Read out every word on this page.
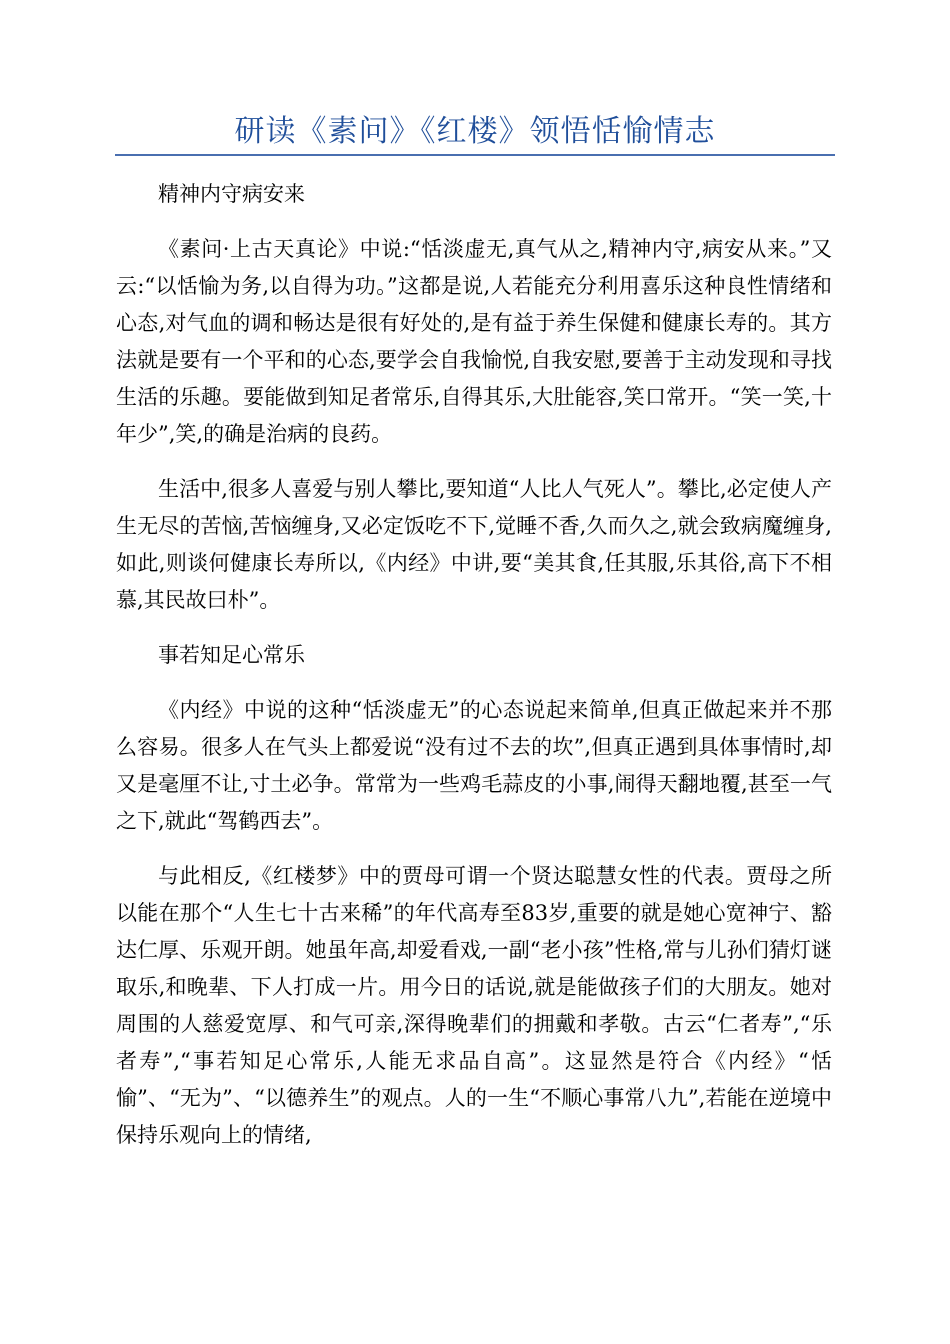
研读《素问》《红楼》领悟恬愉情志

精神内守病安来

《素问·上古天真论》中说:“恬淡虚无,真气从之,精神内守,病安从来。”又云:“以恬愉为务,以自得为功。”这都是说,人若能充分利用喜乐这种良性情绪和心态,对气血的调和畅达是很有好处的,是有益于养生保健和健康长寿的。其方法就是要有一个平和的心态,要学会自我愉悦,自我安慰,要善于主动发现和寻找生活的乐趣。要能做到知足者常乐,自得其乐,大肚能容,笑口常开。“笑一笑,十年少”,笑,的确是治病的良药。

生活中,很多人喜爱与别人攀比,要知道“人比人气死人”。攀比,必定使人产生无尽的苦恼,苦恼缠身,又必定饭吃不下,觉睡不香,久而久之,就会致病魔缠身,如此,则谈何健康长寿所以,《内经》中讲,要“美其食,任其服,乐其俗,高下不相慕,其民故曰朴”。

事若知足心常乐

《内经》中说的这种“恬淡虚无”的心态说起来简单,但真正做起来并不那么容易。很多人在气头上都爱说“没有过不去的坎”,但真正遇到具体事情时,却又是毫厘不让,寸土必争。常常为一些鸡毛蒜皮的小事,闹得天翻地覆,甚至一气之下,就此“驾鹤西去”。

与此相反,《红楼梦》中的贾母可谓一个贤达聪慧女性的代表。贾母之所以能在那个“人生七十古来稀”的年代高寿至83岁,重要的就是她心宽神宁、豁达仁厚、乐观开朗。她虽年高,却爱看戏,一副“老小孩”性格,常与儿孙们猜灯谜取乐,和晚辈、下人打成一片。用今日的话说,就是能做孩子们的大朋友。她对周围的人慈爱宽厚、和气可亲,深得晚辈们的拥戴和孝敬。古云“仁者寿”,“乐者寿”,“事若知足心常乐,人能无求品自高”。这显然是符合《内经》“恬愉”、“无为”、“以德养生”的观点。人的一生“不顺心事常八九”,若能在逆境中保持乐观向上的情绪,
